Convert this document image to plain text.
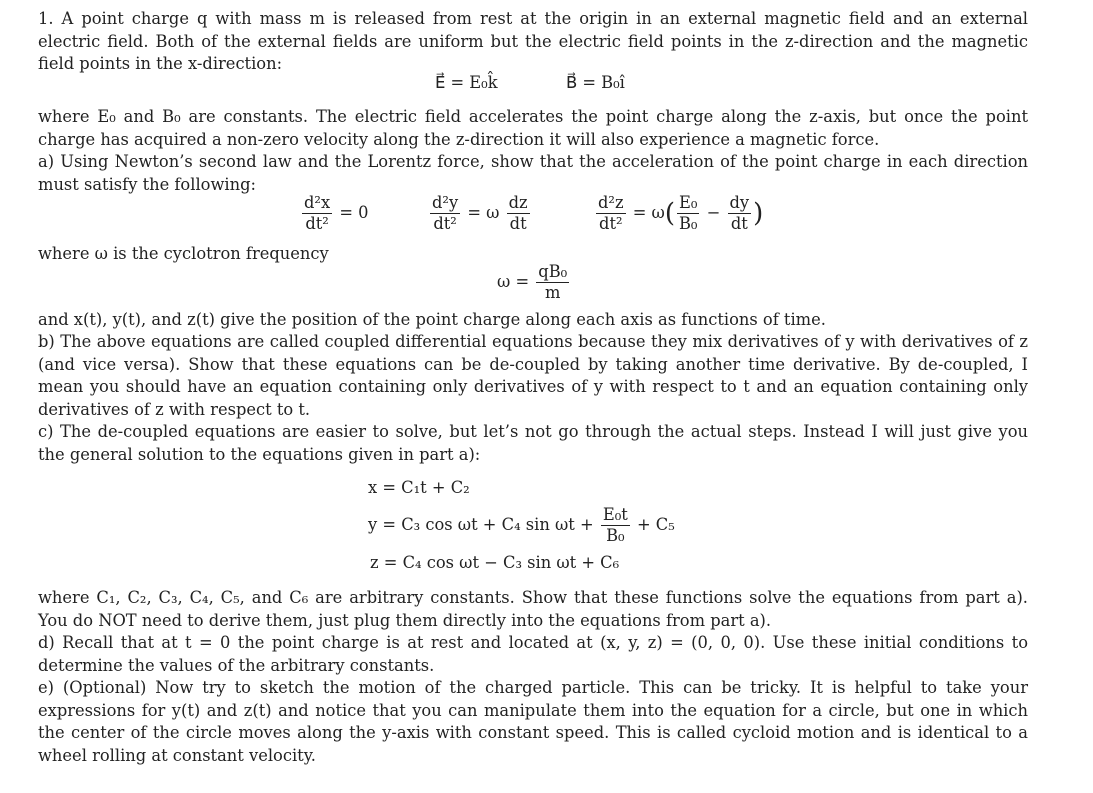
1. A point charge q with mass m is released from rest at the origin in an external magnetic field and an external electric field. Both of the external fields are uniform but the electric field points in the z-direction and the magnetic field points in the x-direction:

E⃗ = E₀k̂	B⃗ = B₀î

where E₀ and B₀ are constants. The electric field accelerates the point charge along the z-axis, but once the point charge has acquired a non-zero velocity along the z-direction it will also experience a magnetic force.

a) Using Newton’s second law and the Lorentz force, show that the acceleration of the point charge in each direction must satisfy the following:

$\frac{\text{d²x}}{\text{dt²}} = 0$	$\frac{\text{d²y}}{\text{dt²}} = \omega \frac{dz}{dt}$	$\frac{\text{d²z}}{\text{dt²}} = \omega( \frac{\text{E₀}}{\text{B₀}} - \frac{dy}{dt}$ )

where ω is the cyclotron frequency

$\omega = \frac{\text{qB₀}}{m}$

and x(t), y(t), and z(t) give the position of the point charge along each axis as functions of time.

b) The above equations are called coupled differential equations because they mix derivatives of y with derivatives of z (and vice versa). Show that these equations can be de-coupled by taking another time derivative. By de-coupled, I mean you should have an equation containing only derivatives of y with respect to t and an equation containing only derivatives of z with respect to t.

c) The de-coupled equations are easier to solve, but let’s not go through the actual steps. Instead I will just give you the general solution to the equations given in part a):

x = C₁t + C₂
y = C₃ cos ωt + C₄ $\sin \omega t + \frac{\text{E₀t}}{\text{B₀}} + C_5$
z = C₄ cos ωt − C₃ sin ωt + C₆

where C₁, C₂, C₃, C₄, C₅, and C₆ are arbitrary constants. Show that these functions solve the equations from part a). You do NOT need to derive them, just plug them directly into the equations from part a).

d) Recall that at t = 0 the point charge is at rest and located at (x, y, z) = (0, 0, 0). Use these initial conditions to determine the values of the arbitrary constants.

e) (Optional) Now try to sketch the motion of the charged particle. This can be tricky. It is helpful to take your expressions for y(t) and z(t) and notice that you can manipulate them into the equation for a circle, but one in which the center of the circle moves along the y-axis with constant speed. This is called cycloid motion and is identical to a wheel rolling at constant velocity.
